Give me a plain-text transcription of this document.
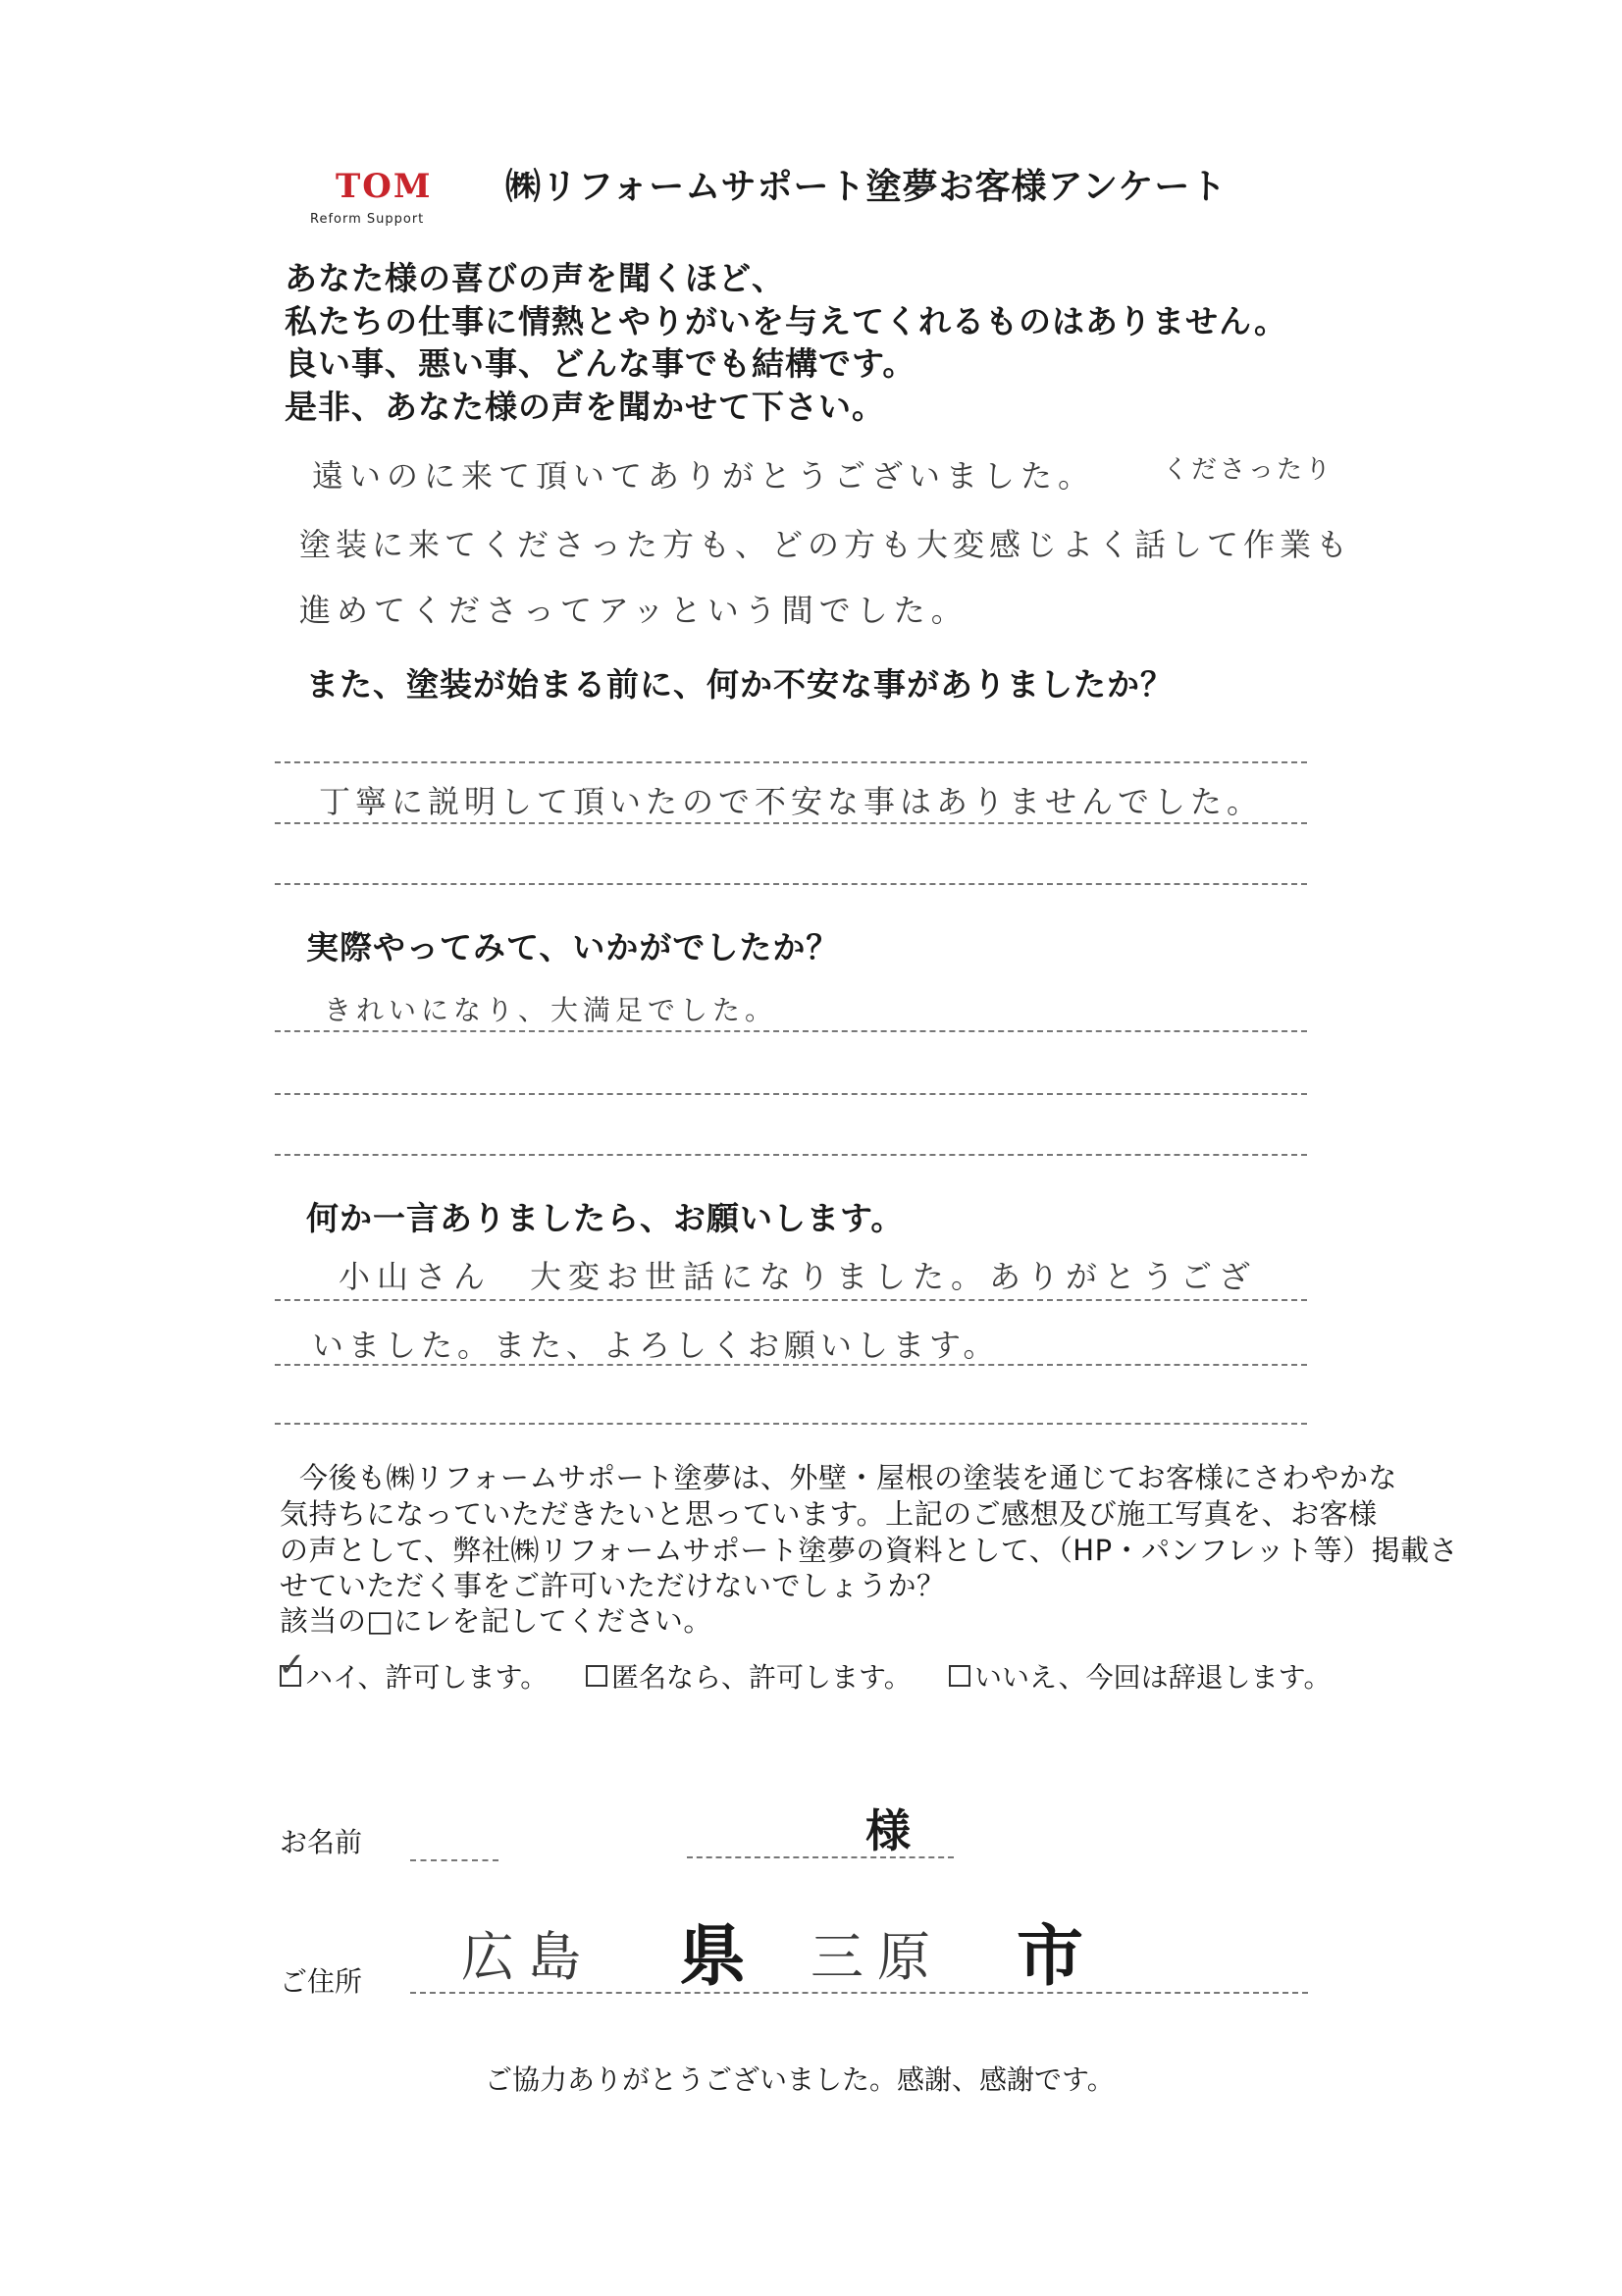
TOM
Reform Support
㈱リフォームサポート塗夢お客様アンケート
あなた様の喜びの声を聞くほど、
私たちの仕事に情熱とやりがいを与えてくれるものはありません。
良い事、悪い事、どんな事でも結構です。
是非、あなた様の声を聞かせて下さい。
遠いのに来て頂いてありがとうございました。	くださったり
塗装に来てくださった方も、どの方も大変感じよく話して作業も
進めてくださってアッという間でした。
また、塗装が始まる前に、何か不安な事がありましたか？
丁寧に説明して頂いたので不安な事はありませんでした。
実際やってみて、いかがでしたか？
きれいになり、大満足でした。
何か一言ありましたら、お願いします。
小山さん　大変お世話になりました。ありがとうござ
いました。また、よろしくお願いします。
今後も㈱リフォームサポート塗夢は、外壁・屋根の塗装を通じてお客様にさわやかな
気持ちになっていただきたいと思っています。上記のご感想及び施工写真を、お客様
の声として、弊社㈱リフォームサポート塗夢の資料として、（HP・パンフレット等）掲載さ
せていただく事をご許可いただけないでしょうか？
該当の□にレを記してください。
✓ ハイ、許可します。 匿名なら、許可します。 いいえ、今回は辞退します。
お名前	様
ご住所 広島 県 三原 市
ご協力ありがとうございました。感謝、感謝です。
